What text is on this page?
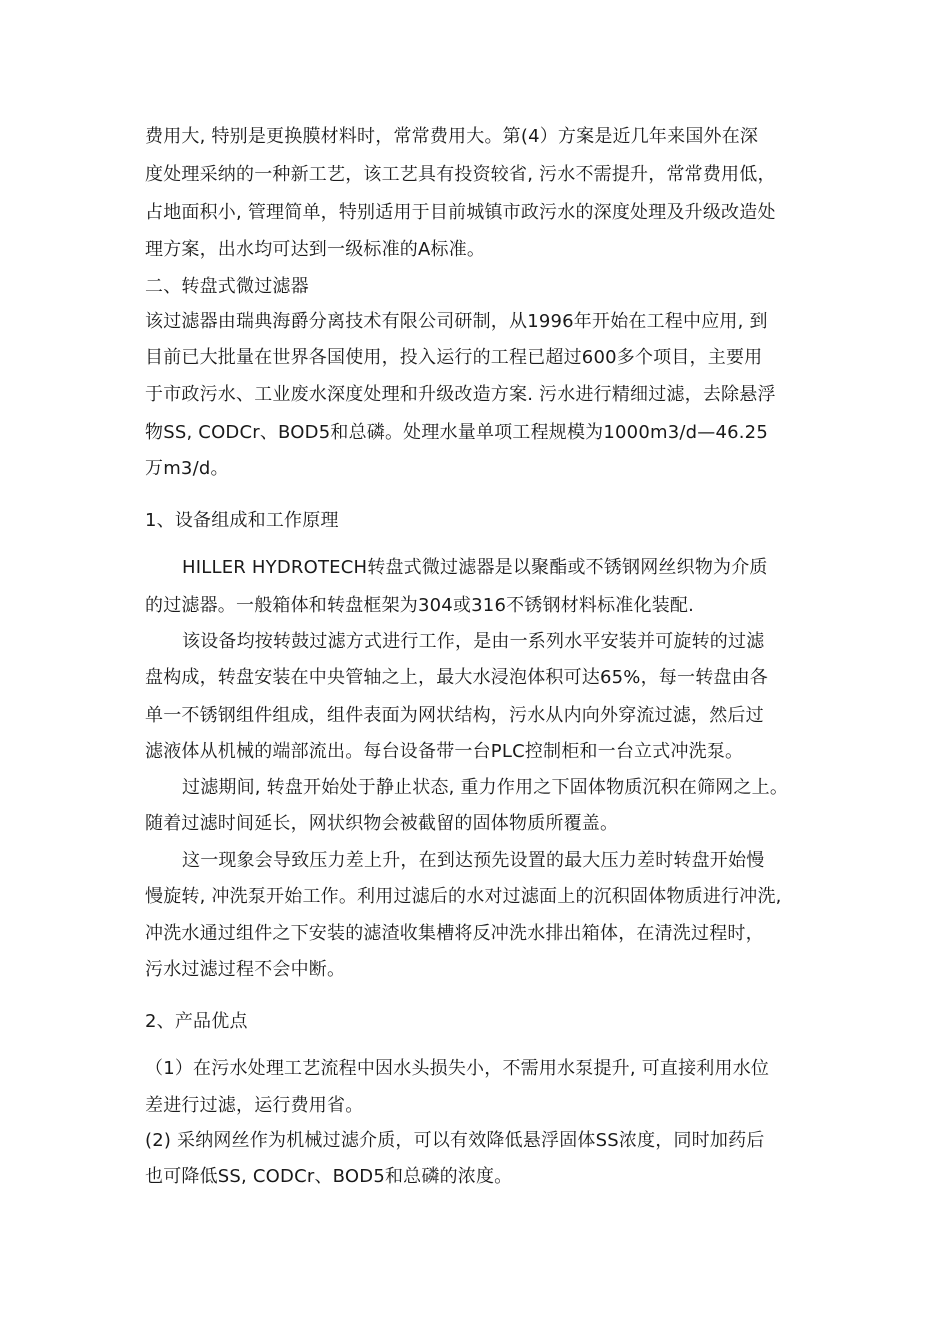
费用大, 特别是更换膜材料时，常常费用大。第(4）方案是近几年来国外在深
度处理采纳的一种新工艺，该工艺具有投资较省, 污水不需提升，常常费用低，
占地面积小, 管理简单，特别适用于目前城镇市政污水的深度处理及升级改造处
理方案，出水均可达到一级标准的A标准。
二、转盘式微过滤器
该过滤器由瑞典海爵分离技术有限公司研制，从1996年开始在工程中应用, 到
目前已大批量在世界各国使用，投入运行的工程已超过600多个项目，主要用
于市政污水、工业废水深度处理和升级改造方案. 污水进行精细过滤，去除悬浮
物SS, CODCr、BOD5和总磷。处理水量单项工程规模为1000m3/d—46.25
万m3/d。
1、设备组成和工作原理
HILLER HYDROTECH转盘式微过滤器是以聚酯或不锈钢网丝织物为介质
的过滤器。一般箱体和转盘框架为304或316不锈钢材料标准化装配.
该设备均按转鼓过滤方式进行工作，是由一系列水平安装并可旋转的过滤
盘构成，转盘安装在中央管轴之上，最大水浸泡体积可达65%，每一转盘由各
单一不锈钢组件组成，组件表面为网状结构，污水从内向外穿流过滤，然后过
滤液体从机械的端部流出。每台设备带一台PLC控制柜和一台立式冲洗泵。
过滤期间, 转盘开始处于静止状态, 重力作用之下固体物质沉积在筛网之上。
随着过滤时间延长，网状织物会被截留的固体物质所覆盖。
这一现象会导致压力差上升，在到达预先设置的最大压力差时转盘开始慢
慢旋转, 冲洗泵开始工作。利用过滤后的水对过滤面上的沉积固体物质进行冲洗,
冲洗水通过组件之下安装的滤渣收集槽将反冲洗水排出箱体，在清洗过程时，
污水过滤过程不会中断。
2、产品优点
（1）在污水处理工艺流程中因水头损失小，不需用水泵提升, 可直接利用水位
差进行过滤，运行费用省。
(2) 采纳网丝作为机械过滤介质，可以有效降低悬浮固体SS浓度，同时加药后
也可降低SS, CODCr、BOD5和总磷的浓度。
